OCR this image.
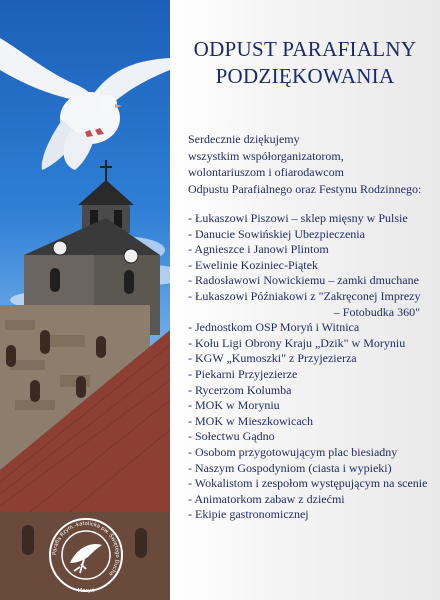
Parafia Rzym.-katolicka pw. Świętego Ducha
Moryń
ODPUST PARAFIALNY
PODZIĘKOWANIA
Serdecznie dziękujemy
wszystkim współorganizatorom,
wolontariuszom i ofiarodawcom
Odpustu Parafialnego oraz Festynu Rodzinnego:
- Łukaszowi Piszowi – sklep mięsny w Pulsie
- Danucie Sowińskiej Ubezpieczenia
- Agnieszce i Janowi Plintom
- Ewelinie Koziniec-Piątek
- Radosławowi Nowickiemu – zamki dmuchane
- Łukaszowi Późniakowi z "Zakręconej Imprezy
– Fotobudka 360"
- Jednostkom OSP Moryń i Witnica
- Kołu Ligi Obrony Kraju „Dzik" w Moryniu
- KGW „Kumoszki" z Przyjezierza
- Piekarni Przyjezierze
- Rycerzom Kolumba
- MOK w Moryniu
- MOK w Mieszkowicach
- Sołectwu Gądno
- Osobom przygotowującym plac biesiadny
- Naszym Gospodyniom (ciasta i wypieki)
- Wokalistom i zespołom występującym na scenie
- Animatorkom zabaw z dziećmi
- Ekipie gastronomicznej
